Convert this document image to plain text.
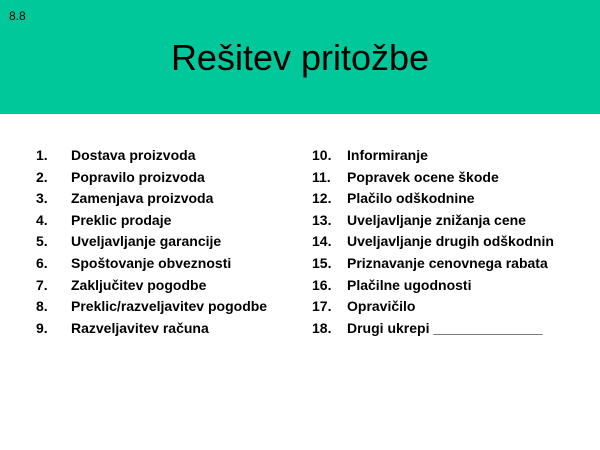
8.8
Rešitev pritožbe
1.	Dostava proizvoda
2.	Popravilo proizvoda
3.	Zamenjava proizvoda
4.	Preklic prodaje
5.	Uveljavljanje garancije
6.	Spoštovanje obveznosti
7.	Zaključitev pogodbe
8.	Preklic/razveljavitev pogodbe
9.	Razveljavitev računa
10.	Informiranje
11.	Popravek ocene škode
12.	Plačilo odškodnine
13.	Uveljavljanje znižanja cene
14.	Uveljavljanje drugih odškodnin
15.	Priznavanje cenovnega rabata
16.	Plačilne ugodnosti
17.	Opravičilo
18.	Drugi ukrepi ______________
